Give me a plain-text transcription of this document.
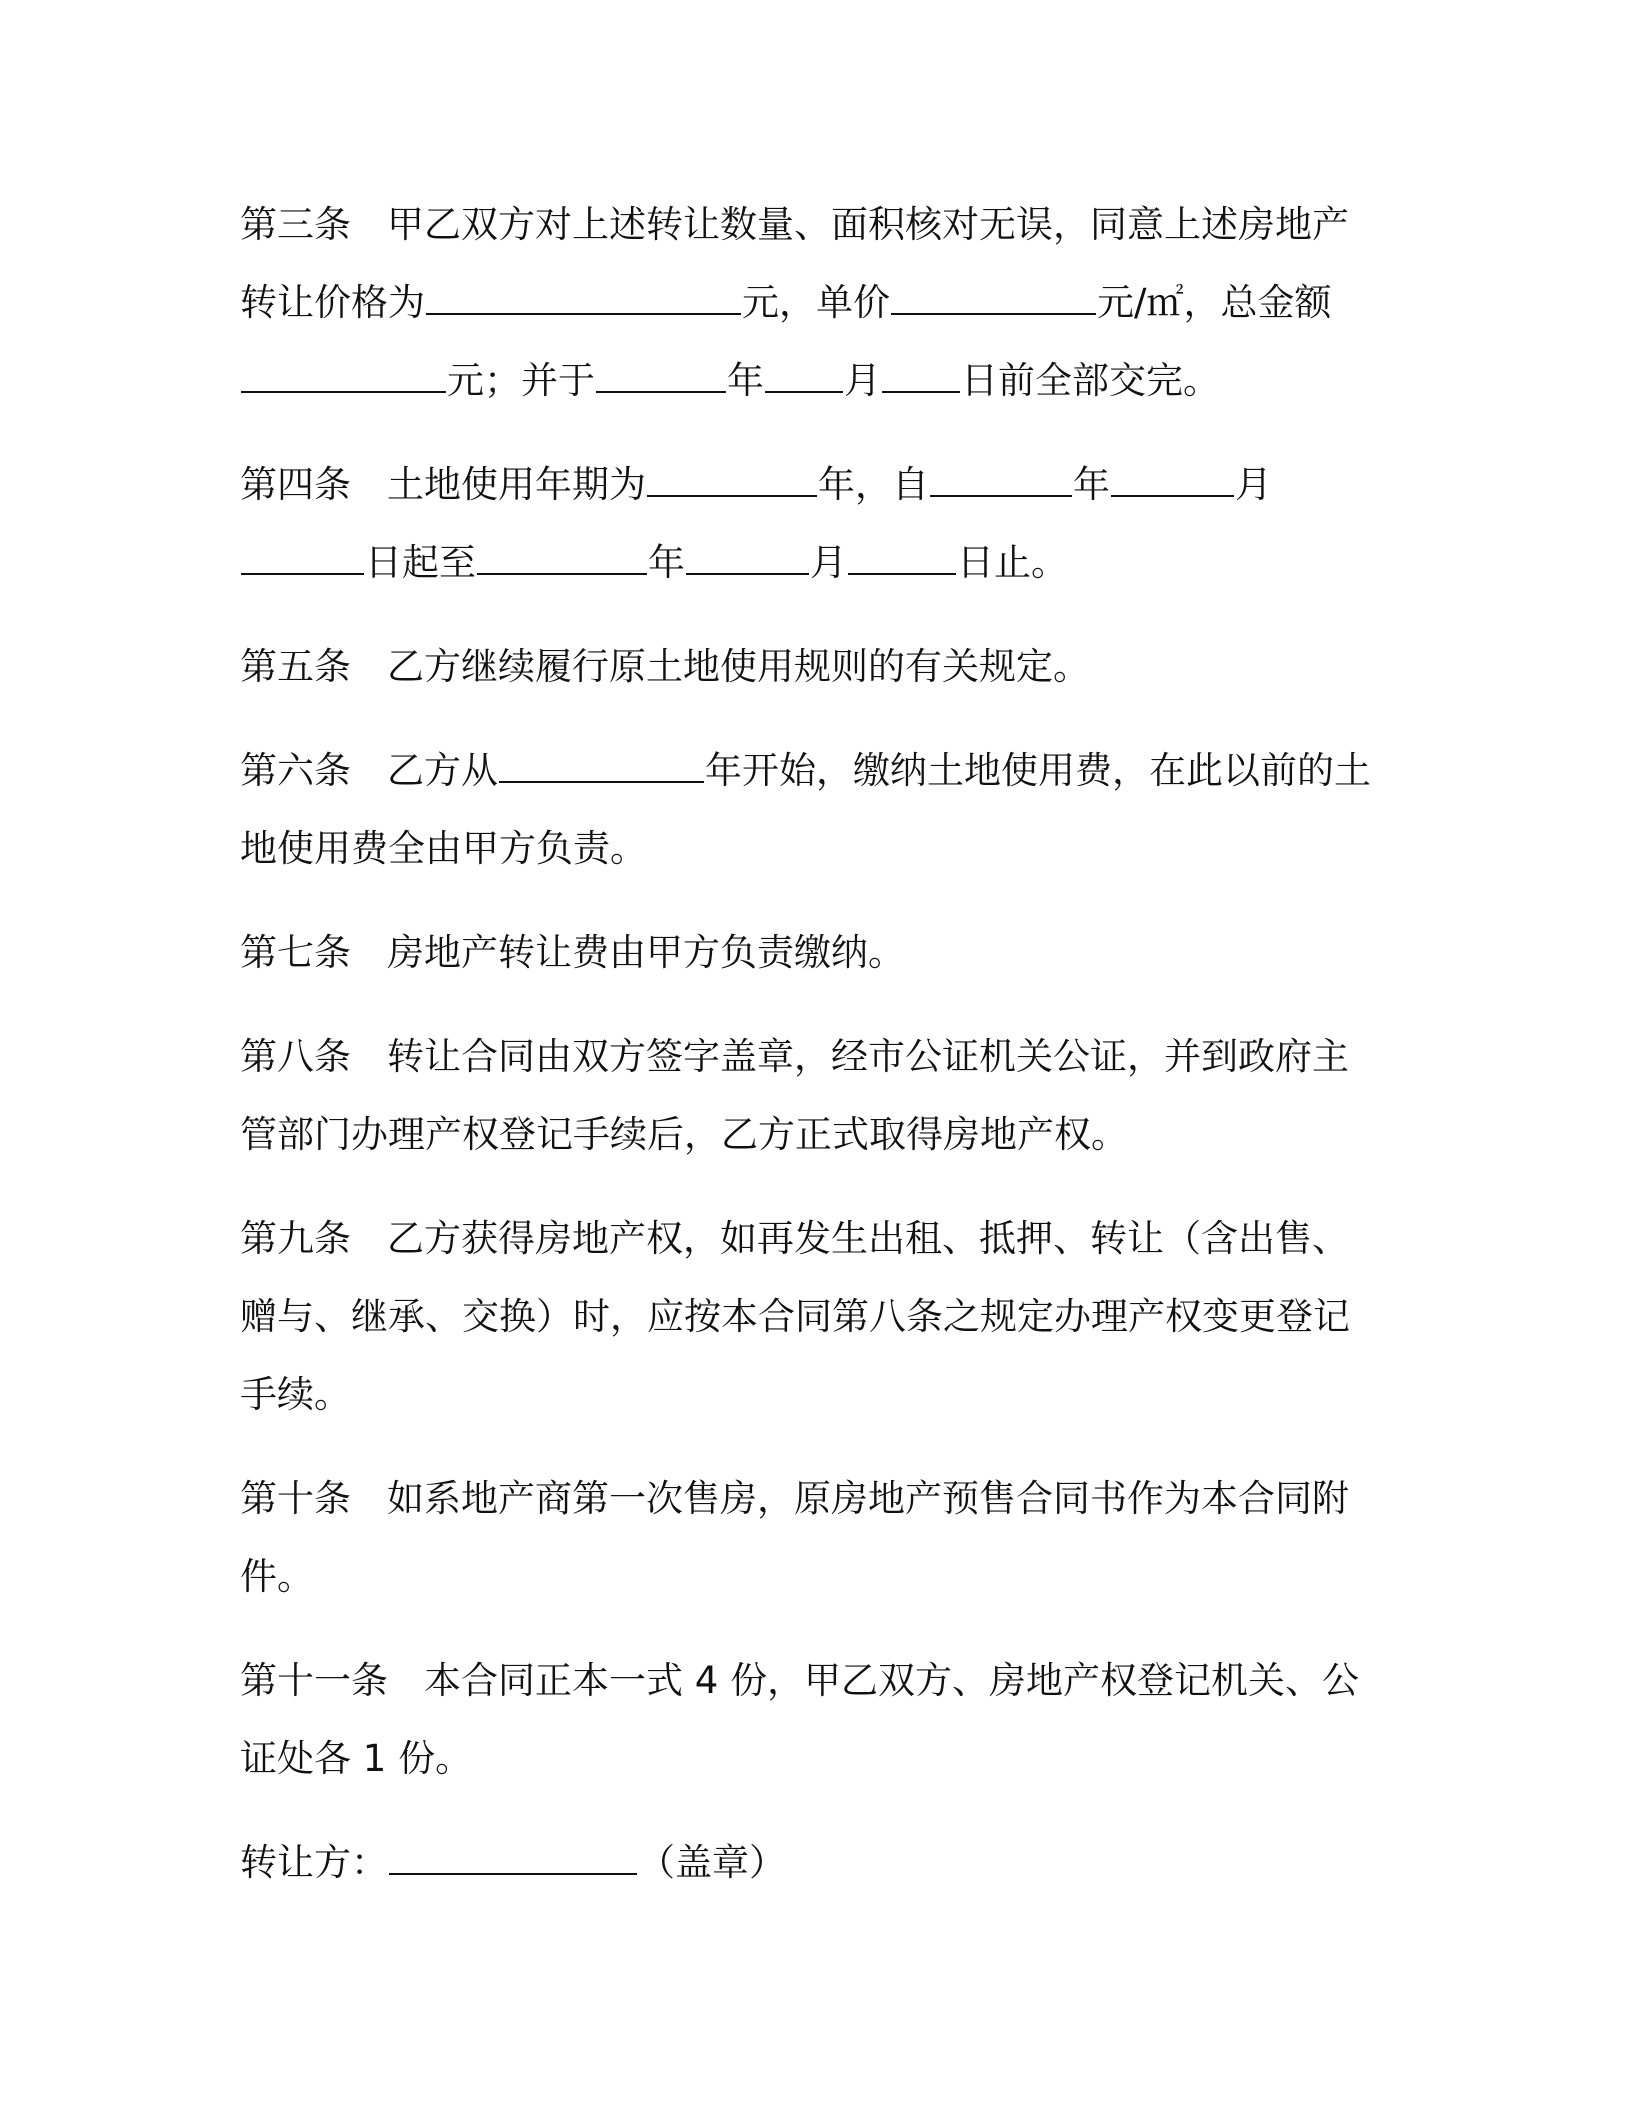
第三条 甲乙双方对上述转让数量、面积核对无误，同意上述房地产
转让价格为	元，单价	元/㎡，总金额
元；并于	年 月 日前全部交完。
第四条 土地使用年期为	年，自	年	月
日起至	年	月	日止。
第五条 乙方继续履行原土地使用规则的有关规定。
第六条 乙方从	年开始，缴纳土地使用费，在此以前的土
地使用费全由甲方负责。
第七条 房地产转让费由甲方负责缴纳。
第八条 转让合同由双方签字盖章，经市公证机关公证，并到政府主
管部门办理产权登记手续后，乙方正式取得房地产权。
第九条 乙方获得房地产权，如再发生出租、抵押、转让（含出售、
赠与、继承、交换）时，应按本合同第八条之规定办理产权变更登记
手续。
第十条 如系地产商第一次售房，原房地产预售合同书作为本合同附
件。
第十一条 本合同正本一式 4 份，甲乙双方、房地产权登记机关、公
证处各 1 份。
转让方：	（盖章）
